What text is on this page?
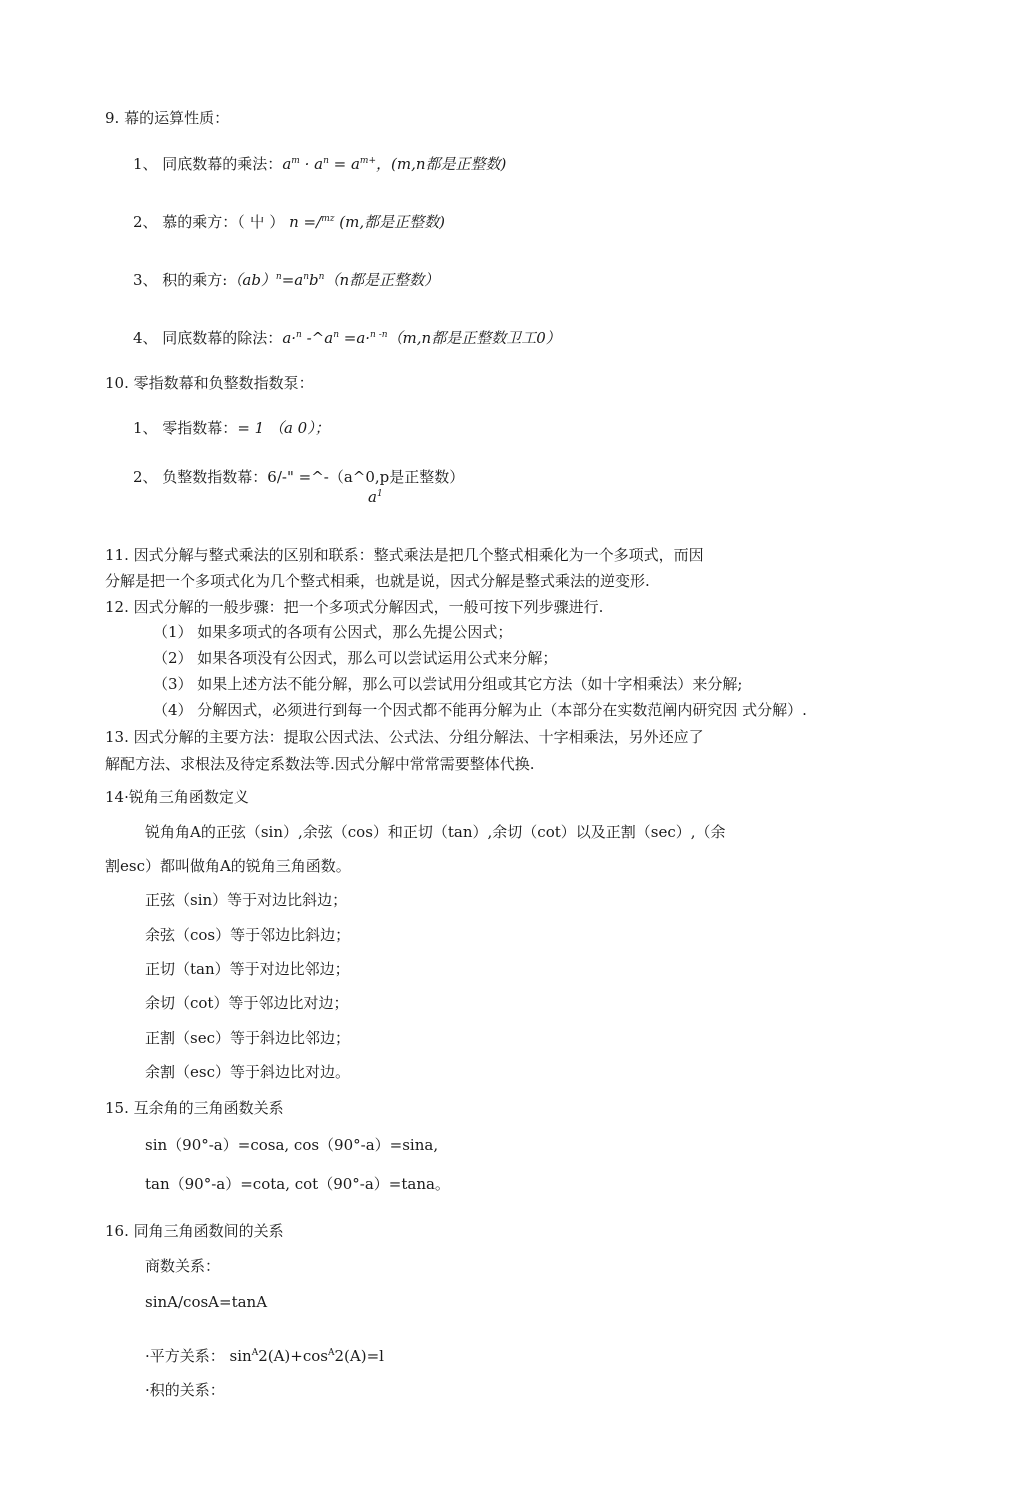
9. 幕的运算性质：
1、 同底数幕的乘法：$a^m \cdot a^n = a^{m+}$，(m,n都是正整数)
2、 慕的乘方：（ 屮 ） n =/$^{mz}$ (m,都是正整数)
3、 积的乘方$:(ab)^n=a^nb^n(n$都是正整数）
4、 同底数幕的除法：a·$^n$ $-\^{}a^n =a\cdot^{n -n}(m,n$都是正整数卫工0）
10. 零指数幕和负整数指数泵：
1、 零指数幕：= 1 （a 0）；
2、 负整数指数幕：6/-" =^-（a^0,p是正整数）
$a^1$
11. 因式分解与整式乘法的区别和联系：整式乘法是把几个整式相乘化为一个多项式，而因
分解是把一个多项式化为几个整式相乘，也就是说，因式分解是整式乘法的逆变形.
12. 因式分解的一般步骤：把一个多项式分解因式，一般可按下列步骤进行.
（1） 如果多项式的各项有公因式，那么先提公因式；
（2） 如果各项没有公因式，那么可以尝试运用公式来分解；
（3） 如果上述方法不能分解，那么可以尝试用分组或其它方法（如十字相乘法）来分解;
（4） 分解因式，必须进行到每一个因式都不能再分解为止（本部分在实数范阐内研究因 式分解）.
13. 因式分解的主要方法：提取公因式法、公式法、分组分解法、十字相乘法，另外还应了
解配方法、求根法及待定系数法等.因式分解中常常需要整体代换.
14·锐角三角函数定义
锐角角A的正弦（sin）,余弦（cos）和正切（tan）,余切（cot）以及正割（sec）,（余
割esc）都叫做角A的锐角三角函数。
正弦（sin）等于对边比斜边；
余弦（cos）等于邻边比斜边；
正切（tan）等于对边比邻边；
余切（cot）等于邻边比对边；
正割（sec）等于斜边比邻边；
余割（esc）等于斜边比对边。
15. 互余角的三角函数关系
sin（90°-a）=cosa, cos（90°-a）=sina,
tan（90°-a）=cota, cot（90°-a）=tana。
16. 同角三角函数间的关系
商数关系：
sinA/cosA=tanA
·平方关系： $\sin^A2(A)+\cos^A2(A)=l$
·积的关系：
